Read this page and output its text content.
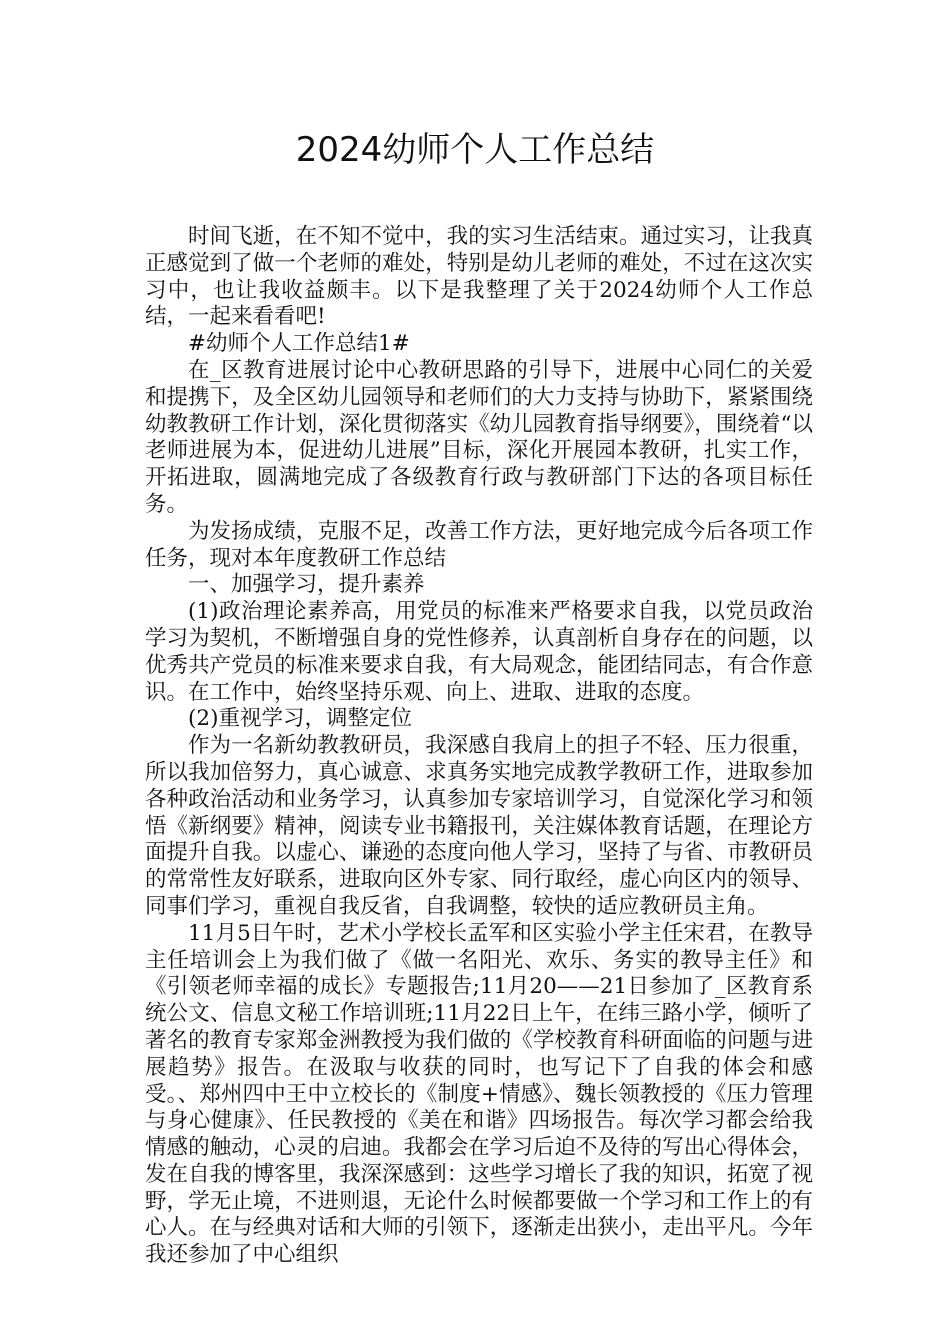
2024幼师个人工作总结

时间飞逝，在不知不觉中，我的实习生活结束。通过实习，让我真正感觉到了做一个老师的难处，特别是幼儿老师的难处，不过在这次实习中，也让我收益颇丰。以下是我整理了关于2024幼师个人工作总结，一起来看看吧!

#幼师个人工作总结1#

在_区教育进展讨论中心教研思路的引导下，进展中心同仁的关爱和提携下，及全区幼儿园领导和老师们的大力支持与协助下，紧紧围绕幼教教研工作计划，深化贯彻落实《幼儿园教育指导纲要》，围绕着“以老师进展为本，促进幼儿进展”目标，深化开展园本教研，扎实工作，开拓进取，圆满地完成了各级教育行政与教研部门下达的各项目标任务。

为发扬成绩，克服不足，改善工作方法，更好地完成今后各项工作任务，现对本年度教研工作总结

一、加强学习，提升素养

(1)政治理论素养高，用党员的标准来严格要求自我，以党员政治学习为契机，不断增强自身的党性修养，认真剖析自身存在的问题，以优秀共产党员的标准来要求自我，有大局观念，能团结同志，有合作意识。在工作中，始终坚持乐观、向上、进取、进取的态度。

(2)重视学习，调整定位

作为一名新幼教教研员，我深感自我肩上的担子不轻、压力很重，所以我加倍努力，真心诚意、求真务实地完成教学教研工作，进取参加各种政治活动和业务学习，认真参加专家培训学习，自觉深化学习和领悟《新纲要》精神，阅读专业书籍报刊，关注媒体教育话题，在理论方面提升自我。以虚心、谦逊的态度向他人学习，坚持了与省、市教研员的常常性友好联系，进取向区外专家、同行取经，虚心向区内的领导、同事们学习，重视自我反省，自我调整，较快的适应教研员主角。

11月5日午时，艺术小学校长孟军和区实验小学主任宋君，在教导主任培训会上为我们做了《做一名阳光、欢乐、务实的教导主任》和《引领老师幸福的成长》专题报告;11月20——21日参加了_区教育系统公文、信息文秘工作培训班;11月22日上午，在纬三路小学，倾听了著名的教育专家郑金洲教授为我们做的《学校教育科研面临的问题与进展趋势》报告。在汲取与收获的同时，也写记下了自我的体会和感受。、郑州四中王中立校长的《制度+情感》、魏长领教授的《压力管理与身心健康》、任民教授的《美在和谐》四场报告。每次学习都会给我情感的触动，心灵的启迪。我都会在学习后迫不及待的写出心得体会，发在自我的博客里，我深深感到：这些学习增长了我的知识，拓宽了视野，学无止境，不进则退，无论什么时候都要做一个学习和工作上的有心人。在与经典对话和大师的引领下，逐渐走出狭小，走出平凡。今年我还参加了中心组织
